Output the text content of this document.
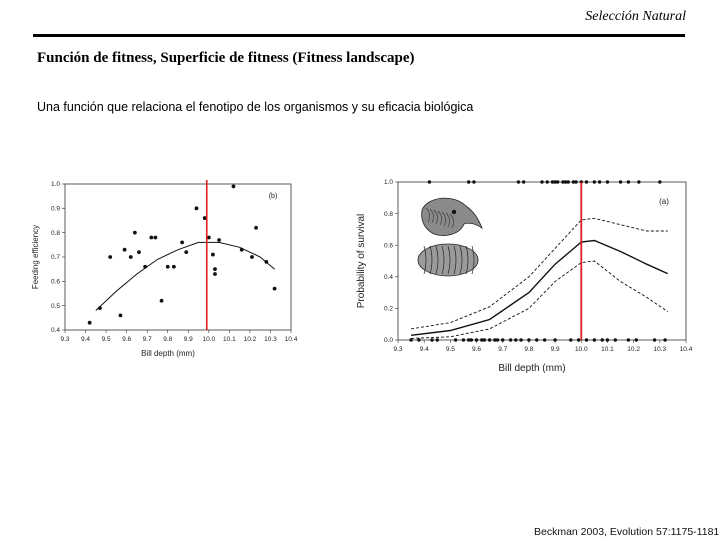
Selección Natural
Función de fitness, Superficie de fitness (Fitness landscape)
Una función que relaciona el fenotipo de los organismos y su eficacia biológica
9.3 9.4 9.5 9.6 9.7 9.8 9.9 10.0 10.1 10.2 10.3 10.4
0.4
0.5
0.6
0.7
0.8
0.9
1.0
Bill depth (mm)
Feeding efficiency
(b)
9.3	9.4	9.5	9.6	9.7	9.8	9.9 10.0 10.1 10.2 10.3 10.4
0.0
0.2
0.4
0.6
0.8
1.0
Bill depth (mm)
Probability of survival
(a)
Beckman 2003, Evolution 57:1175-1181
